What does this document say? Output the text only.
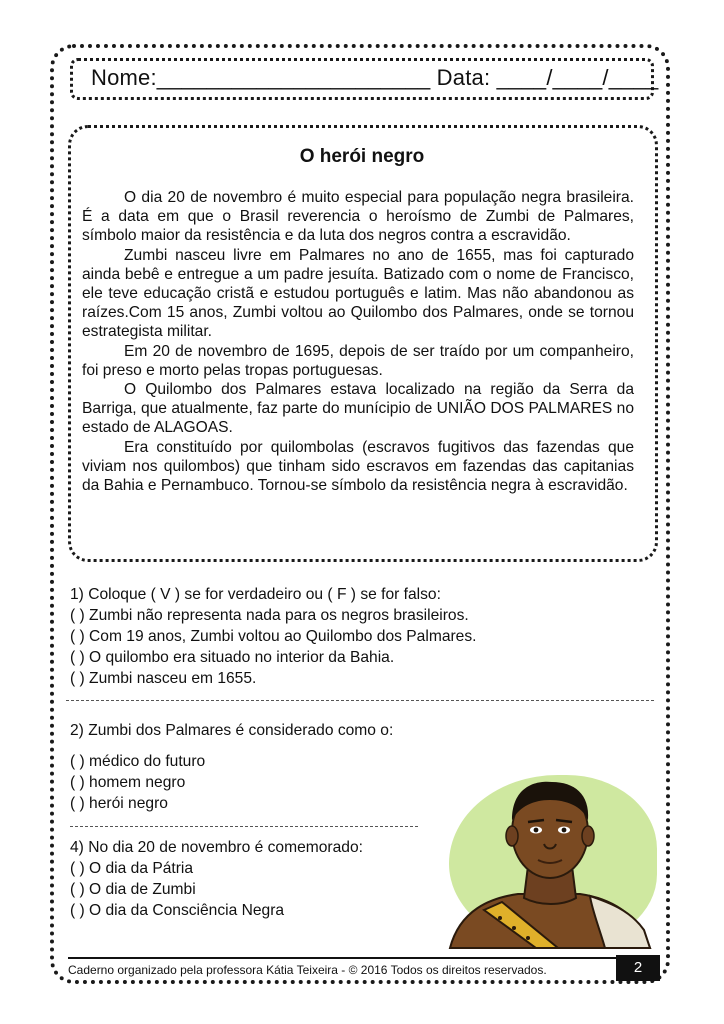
Nome:______________________ Data: ____/____/____
O herói negro

O dia 20 de novembro é muito especial para população negra brasileira. É a data em que o Brasil reverencia o heroísmo de Zumbi de Palmares, símbolo maior da resistência e da luta dos negros contra a escravidão.

Zumbi nasceu livre em Palmares no ano de 1655, mas foi capturado ainda bebê e entregue a um padre jesuíta. Batizado com o nome de Francisco, ele teve educação cristã e estudou português e latim. Mas não abandonou as raízes.Com 15 anos, Zumbi voltou ao Quilombo dos Palmares, onde se tornou estrategista militar.

Em 20 de novembro de 1695, depois de ser traído por um companheiro, foi preso e morto pelas tropas portuguesas.

O Quilombo dos Palmares estava localizado na região da Serra da Barriga, que atualmente, faz parte do munícipio de UNIÃO DOS PALMARES no estado de ALAGOAS.

Era constituído por quilombolas (escravos fugitivos das fazendas que viviam nos quilombos) que tinham sido escravos em fazendas das capitanias da Bahia e Pernambuco. Tornou-se símbolo da resistência negra à escravidão.

1) Coloque ( V ) se for verdadeiro ou ( F ) se for falso:
( ) Zumbi não representa nada para os negros brasileiros.
( ) Com 19 anos, Zumbi voltou ao Quilombo dos Palmares.
( ) O quilombo era situado no interior da Bahia.
( ) Zumbi nasceu em 1655.
2) Zumbi dos Palmares é considerado como o:
( ) médico do futuro
( ) homem negro
( ) herói negro
4) No dia 20 de novembro é comemorado:
( ) O dia da Pátria
( ) O dia de Zumbi
( ) O dia da Consciência Negra
Caderno organizado pela professora Kátia Teixeira - © 2016 Todos os direitos reservados.	2
